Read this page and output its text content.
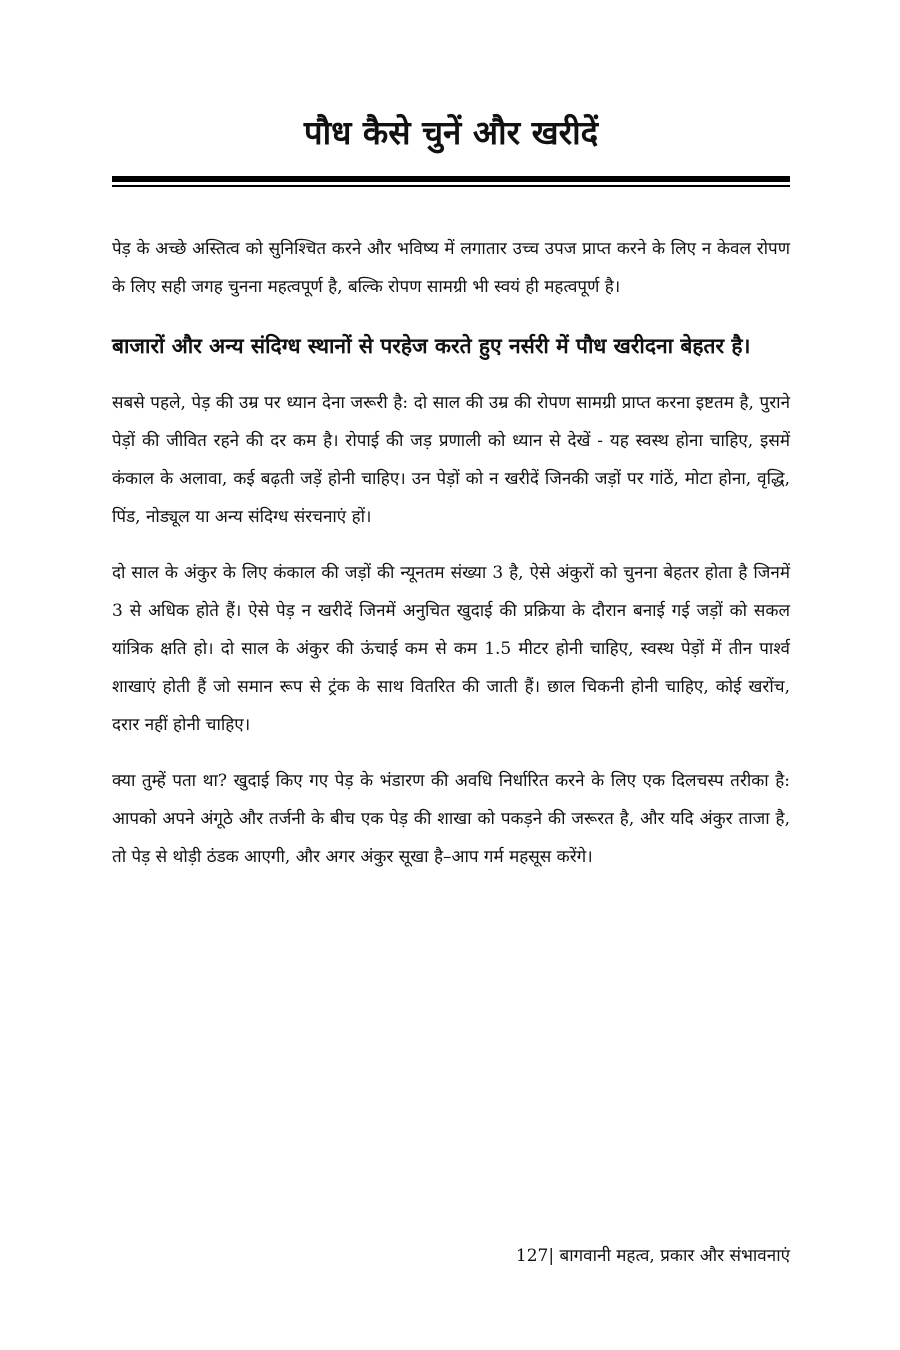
पौध कैसे चुनें और खरीदें

पेड़ के अच्छे अस्तित्व को सुनिश्चित करने और भविष्य में लगातार उच्च उपज प्राप्त करने के लिए न केवल रोपण के लिए सही जगह चुनना महत्वपूर्ण है, बल्कि रोपण सामग्री भी स्वयं ही महत्वपूर्ण है।

बाजारों और अन्य संदिग्ध स्थानों से परहेज करते हुए नर्सरी में पौध खरीदना बेहतर है।

सबसे पहले, पेड़ की उम्र पर ध्यान देना जरूरी है: दो साल की उम्र की रोपण सामग्री प्राप्त करना इष्टतम है, पुराने पेड़ों की जीवित रहने की दर कम है। रोपाई की जड़ प्रणाली को ध्यान से देखें - यह स्वस्थ होना चाहिए, इसमें कंकाल के अलावा, कई बढ़ती जड़ें होनी चाहिए। उन पेड़ों को न खरीदें जिनकी जड़ों पर गांठें, मोटा होना, वृद्धि, पिंड, नोड्यूल या अन्य संदिग्ध संरचनाएं हों।

दो साल के अंकुर के लिए कंकाल की जड़ों की न्यूनतम संख्या 3 है, ऐसे अंकुरों को चुनना बेहतर होता है जिनमें 3 से अधिक होते हैं। ऐसे पेड़ न खरीदें जिनमें अनुचित खुदाई की प्रक्रिया के दौरान बनाई गई जड़ों को सकल यांत्रिक क्षति हो। दो साल के अंकुर की ऊंचाई कम से कम 1.5 मीटर होनी चाहिए, स्वस्थ पेड़ों में तीन पार्श्व शाखाएं होती हैं जो समान रूप से ट्रंक के साथ वितरित की जाती हैं। छाल चिकनी होनी चाहिए, कोई खरोंच, दरार नहीं होनी चाहिए।

क्या तुम्हें पता था? खुदाई किए गए पेड़ के भंडारण की अवधि निर्धारित करने के लिए एक दिलचस्प तरीका है: आपको अपने अंगूठे और तर्जनी के बीच एक पेड़ की शाखा को पकड़ने की जरूरत है, और यदि अंकुर ताजा है, तो पेड़ से थोड़ी ठंडक आएगी, और अगर अंकुर सूखा है–आप गर्म महसूस करेंगे।

127| बागवानी महत्व, प्रकार और संभावनाएं
